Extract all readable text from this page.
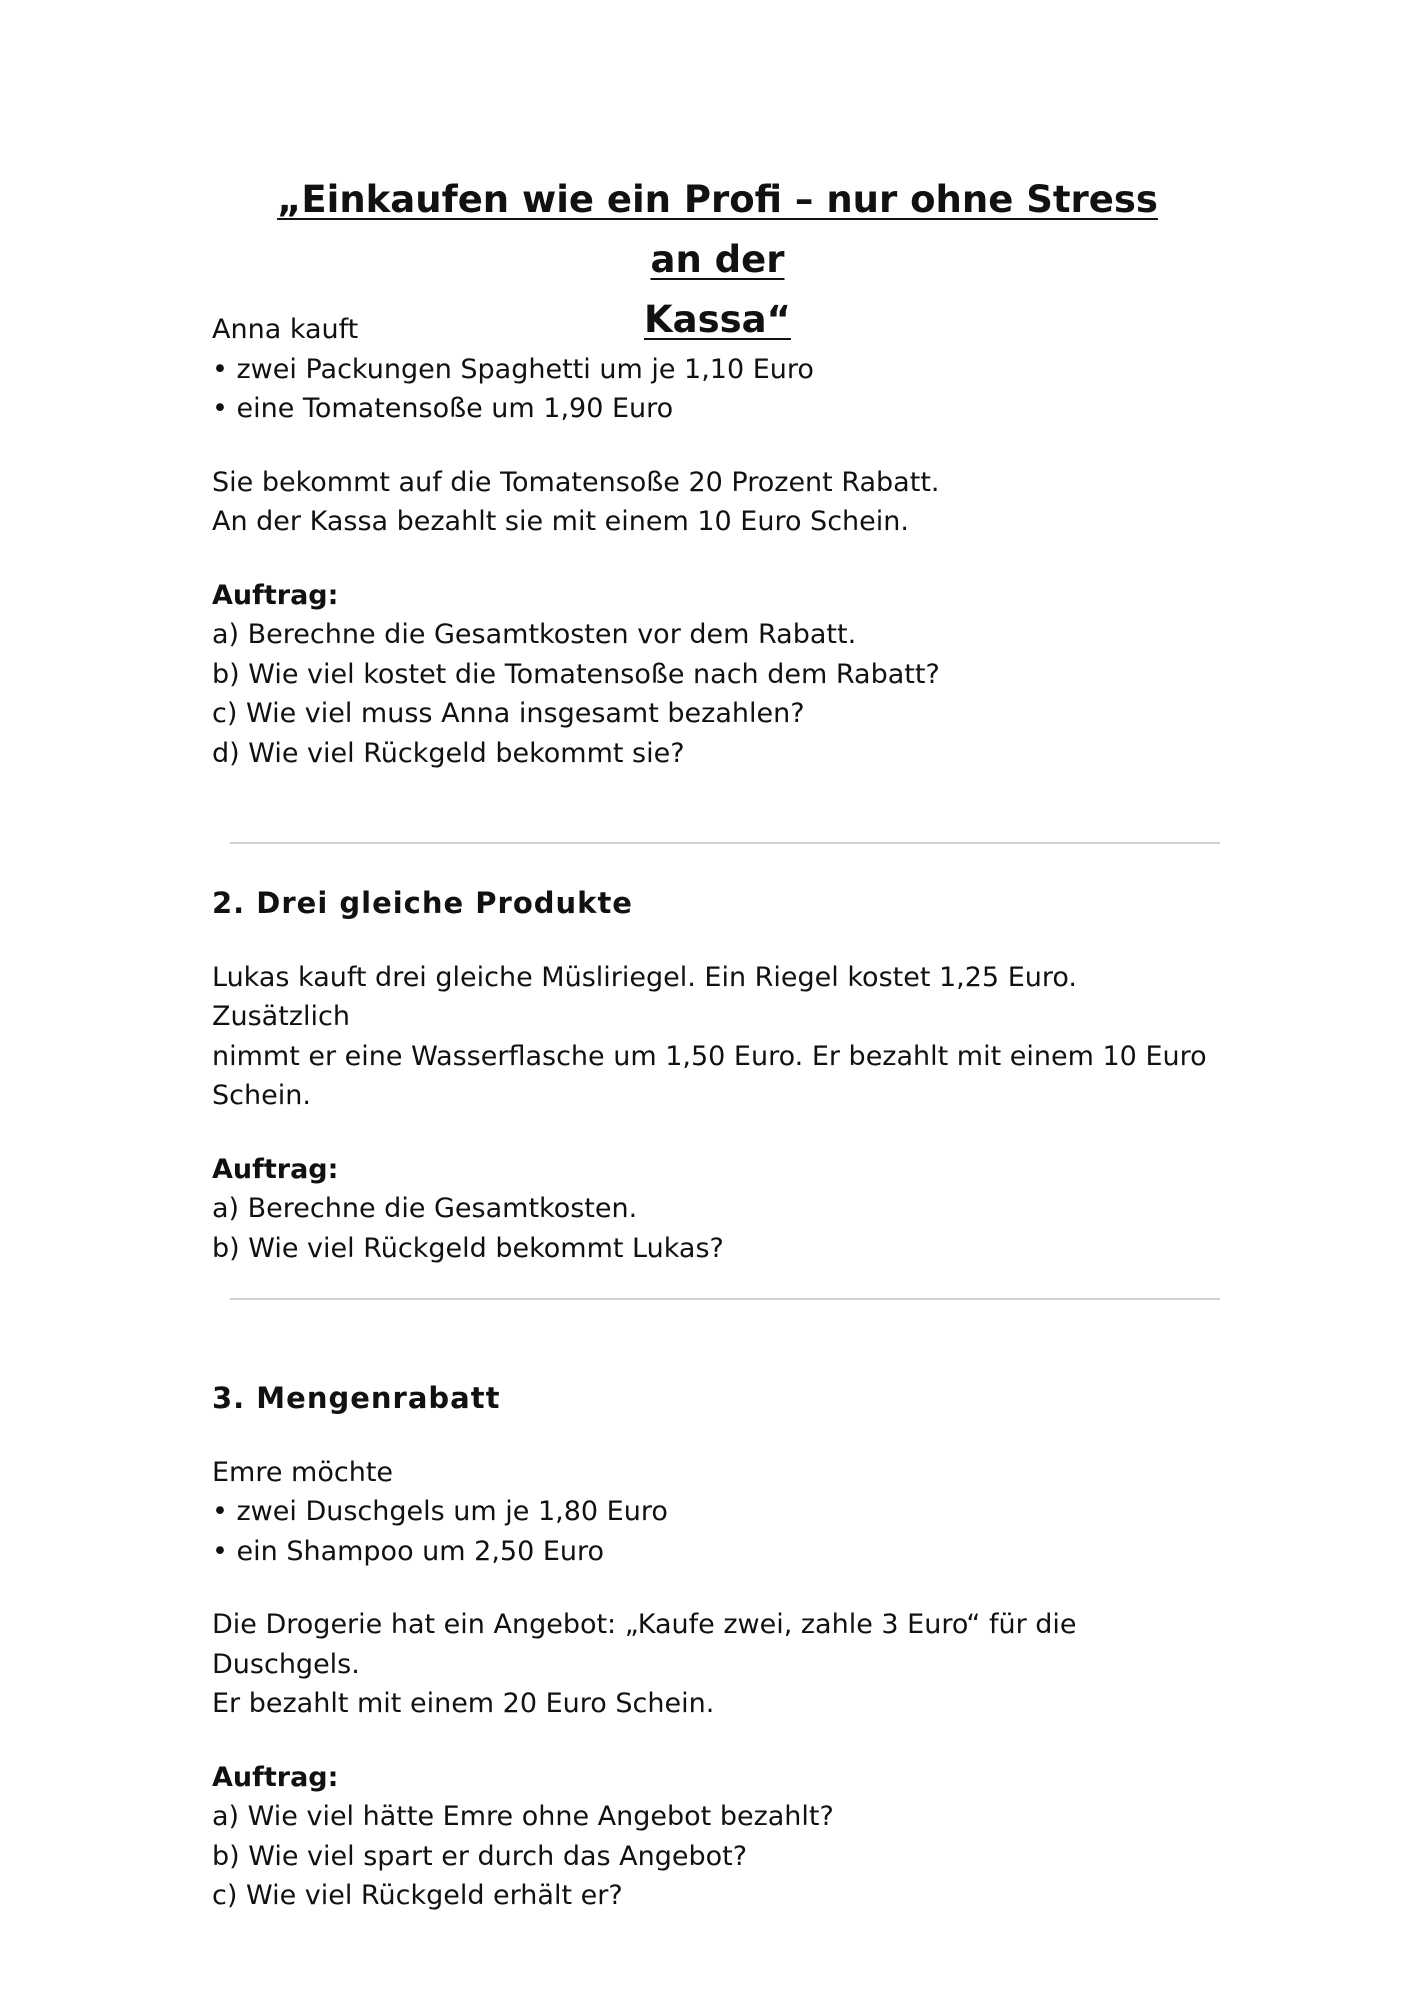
„Einkaufen wie ein Profi – nur ohne Stress an der
Kassa“
Anna kauft
• zwei Packungen Spaghetti um je 1,10 Euro
• eine Tomatensoße um 1,90 Euro
Sie bekommt auf die Tomatensoße 20 Prozent Rabatt.
An der Kassa bezahlt sie mit einem 10 Euro Schein.
Auftrag:
a) Berechne die Gesamtkosten vor dem Rabatt.
b) Wie viel kostet die Tomatensoße nach dem Rabatt?
c) Wie viel muss Anna insgesamt bezahlen?
d) Wie viel Rückgeld bekommt sie?
2. Drei gleiche Produkte
Lukas kauft drei gleiche Müsliriegel. Ein Riegel kostet 1,25 Euro. Zusätzlich
nimmt er eine Wasserflasche um 1,50 Euro. Er bezahlt mit einem 10 Euro
Schein.
Auftrag:
a) Berechne die Gesamtkosten.
b) Wie viel Rückgeld bekommt Lukas?
3. Mengenrabatt
Emre möchte
• zwei Duschgels um je 1,80 Euro
• ein Shampoo um 2,50 Euro
Die Drogerie hat ein Angebot: „Kaufe zwei, zahle 3 Euro“ für die Duschgels.
Er bezahlt mit einem 20 Euro Schein.
Auftrag:
a) Wie viel hätte Emre ohne Angebot bezahlt?
b) Wie viel spart er durch das Angebot?
c) Wie viel Rückgeld erhält er?
